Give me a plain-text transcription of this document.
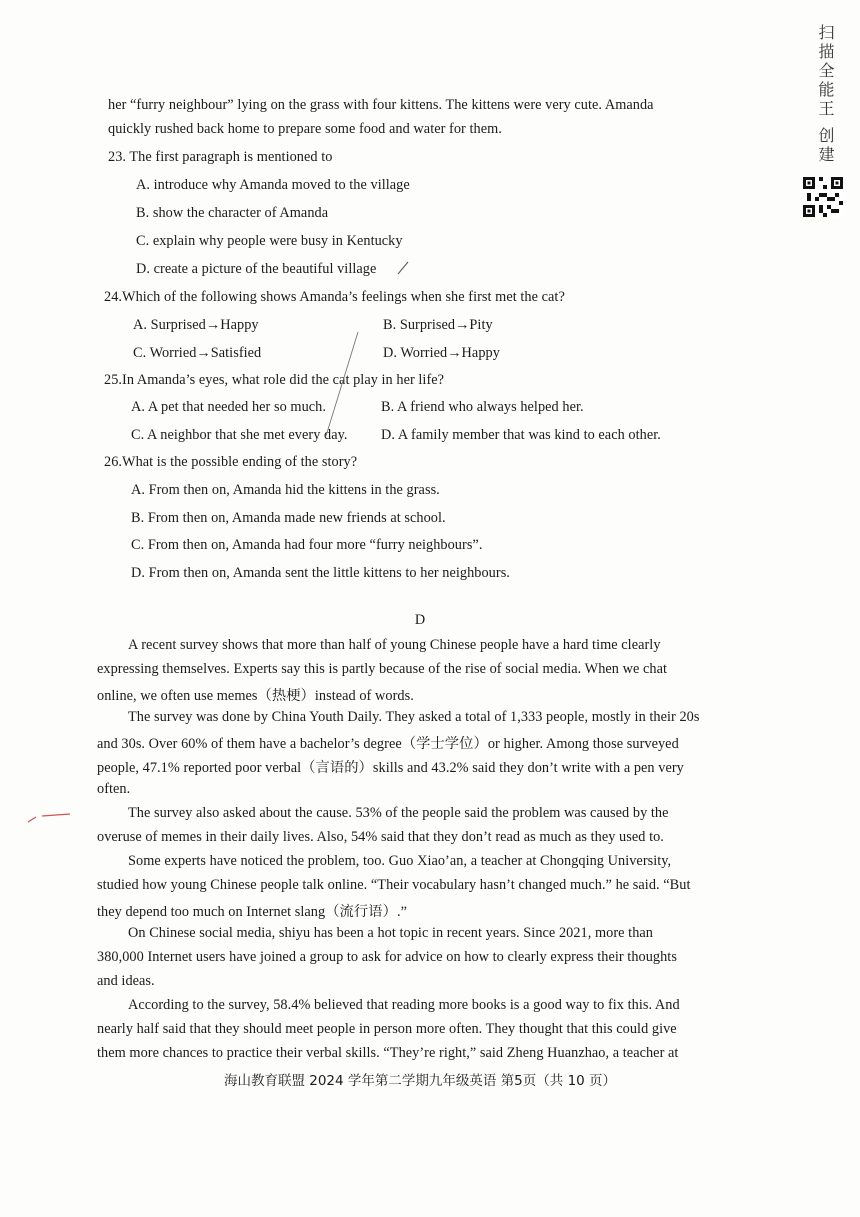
扫描全能王 创建
her “furry neighbour” lying on the grass with four kittens. The kittens were very cute. Amanda
quickly rushed back home to prepare some food and water for them.
23. The first paragraph is mentioned to
A. introduce why Amanda moved to the village
B. show the character of Amanda
C. explain why people were busy in Kentucky
D. create a picture of the beautiful village
24.Which of the following shows Amanda’s feelings when she first met the cat?
A. Surprised→Happy	B. Surprised→Pity
C. Worried→Satisfied	D. Worried→Happy
25.In Amanda’s eyes, what role did the cat play in her life?
A. A pet that needed her so much.	B. A friend who always helped her.
C. A neighbor that she met every day. D. A family member that was kind to each other.
26.What is the possible ending of the story?
A. From then on, Amanda hid the kittens in the grass.
B. From then on, Amanda made new friends at school.
C. From then on, Amanda had four more “furry neighbours”.
D. From then on, Amanda sent the little kittens to her neighbours.
D
A recent survey shows that more than half of young Chinese people have a hard time clearly
expressing themselves. Experts say this is partly because of the rise of social media. When we chat
online, we often use memes（热梗）instead of words.
The survey was done by China Youth Daily. They asked a total of 1,333 people, mostly in their 20s
and 30s. Over 60% of them have a bachelor’s degree（学士学位）or higher. Among those surveyed
people, 47.1% reported poor verbal（言语的）skills and 43.2% said they don’t write with a pen very
often.
The survey also asked about the cause. 53% of the people said the problem was caused by the
overuse of memes in their daily lives. Also, 54% said that they don’t read as much as they used to.
Some experts have noticed the problem, too. Guo Xiao’an, a teacher at Chongqing University,
studied how young Chinese people talk online. “Their vocabulary hasn’t changed much.” he said. “But
they depend too much on Internet slang（流行语）.”
On Chinese social media, shiyu has been a hot topic in recent years. Since 2021, more than
380,000 Internet users have joined a group to ask for advice on how to clearly express their thoughts
and ideas.
According to the survey, 58.4% believed that reading more books is a good way to fix this. And
nearly half said that they should meet people in person more often. They thought that this could give
them more chances to practice their verbal skills. “They’re right,” said Zheng Huanzhao, a teacher at
海山教育联盟 2024 学年第二学期九年级英语 第5页（共 10 页）
